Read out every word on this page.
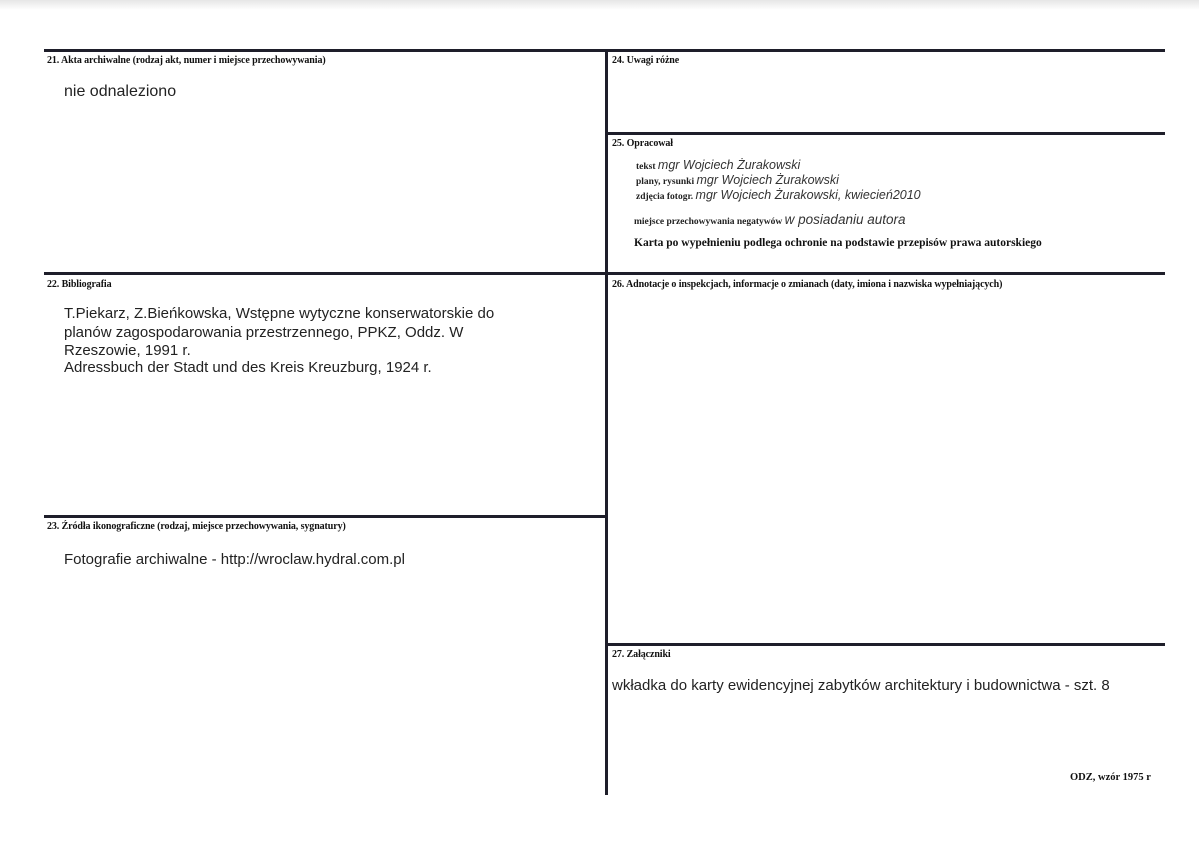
21. Akta archiwalne (rodzaj akt, numer i miejsce przechowywania)
nie odnaleziono
22. Bibliografia
T.Piekarz, Z.Bieńkowska, Wstępne wytyczne konserwatorskie do
planów zagospodarowania przestrzennego, PPKZ, Oddz. W
Rzeszowie, 1991 r.
Adressbuch der Stadt und des Kreis Kreuzburg, 1924 r.
23. Źródła ikonograficzne (rodzaj, miejsce przechowywania, sygnatury)
Fotografie archiwalne - http://wroclaw.hydral.com.pl
24. Uwagi różne
25. Opracował
tekst mgr Wojciech Żurakowski
plany, rysunki mgr Wojciech Żurakowski
zdjęcia fotogr. mgr Wojciech Żurakowski, kwiecień2010
miejsce przechowywania negatywów w posiadaniu autora
Karta po wypełnieniu podlega ochronie na podstawie przepisów prawa autorskiego
26. Adnotacje o inspekcjach, informacje o zmianach (daty, imiona i nazwiska wypełniających)
27. Załączniki
wkładka do karty ewidencyjnej zabytków architektury i budownictwa - szt. 8
ODZ, wzór 1975 r
